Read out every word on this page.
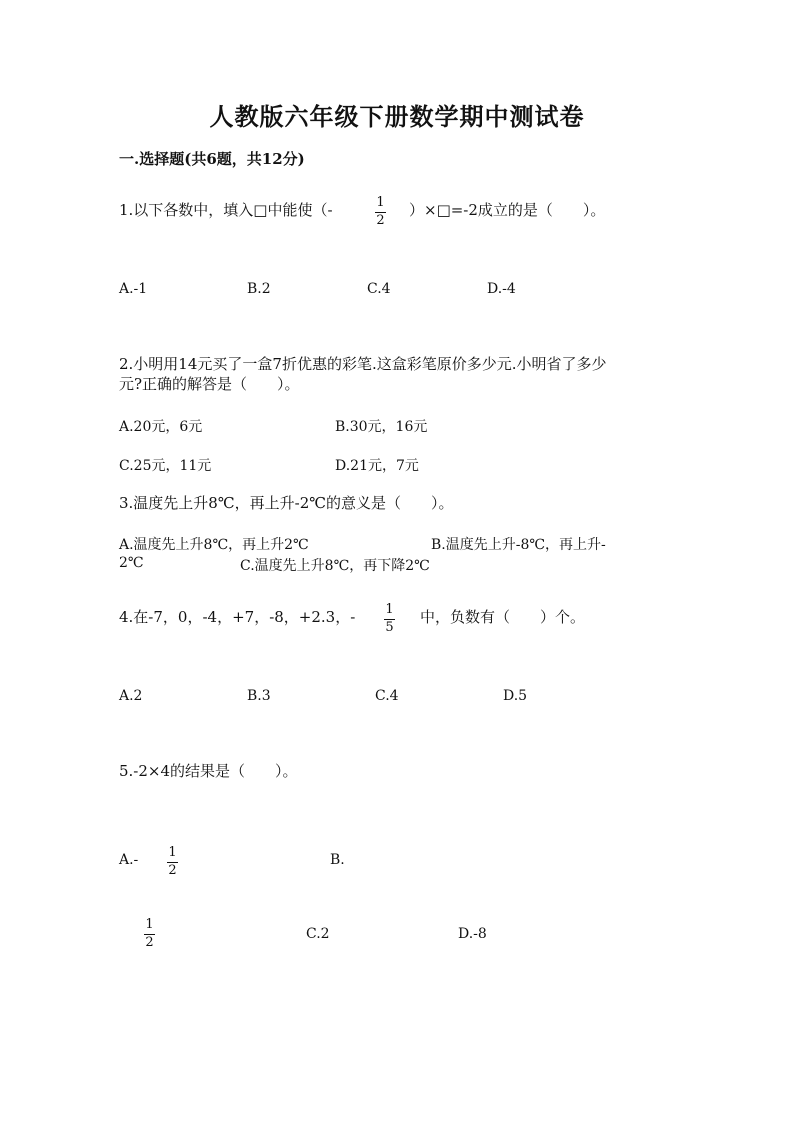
人教版六年级下册数学期中测试卷
一.选择题(共6题，共12分)
1.以下各数中，填入□中能使（-	1
2
）×□=-2成立的是（　　）。
A.-1	B.2	C.4	D.-4
2.小明用14元买了一盒7折优惠的彩笔.这盒彩笔原价多少元.小明省了多少
元?正确的解答是（　　）。
A.20元，6元	B.30元，16元
C.25元，11元	D.21元，7元
3.温度先上升8℃，再上升-2℃的意义是（　　）。
A.温度先上升8℃，再上升2℃	B.温度先上升-8℃，再上升-
2℃	C.温度先上升8℃，再下降2℃
4.在-7，0，-4，+7，-8，+2.3，- 1
5
中，负数有（　　）个。
A.2	B.3	C.4	D.5
5.-2×4的结果是（　　）。
A.- 1
2
B.
1
2
C.2	D.-8
